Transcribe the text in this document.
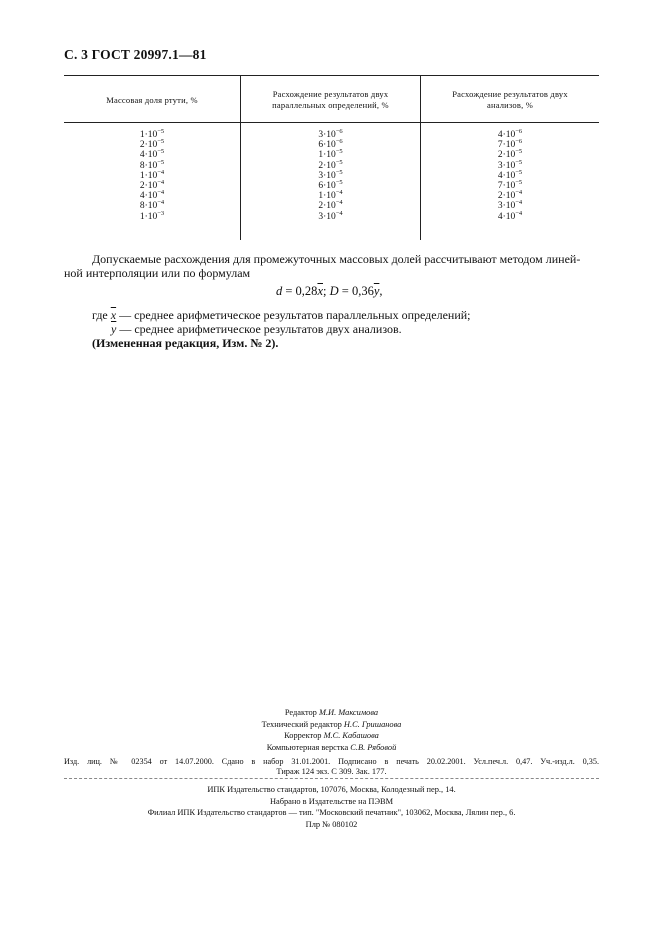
С. 3 ГОСТ 20997.1—81
Массовая доля ртути, %
Расхождение результатов двух
параллельных определений, %
Расхождение результатов двух
анализов, %
$1\cdot 10^{-5}$
$2\cdot 10^{-5}$
$4\cdot 10^{-5}$
$8\cdot 10^{-5}$
$1\cdot 10^{-4}$
$2\cdot 10^{-4}$
$4\cdot 10^{-4}$
$8\cdot 10^{-4}$
$1\cdot 10^{-3}$
$3\cdot 10^{-6}$
$6\cdot 10^{-6}$
$1\cdot 10^{-5}$
$2\cdot 10^{-5}$
$3\cdot 10^{-5}$
$6\cdot 10^{-5}$
$1\cdot 10^{-4}$
$2\cdot 10^{-4}$
$3\cdot 10^{-4}$
$4\cdot 10^{-6}$
$7\cdot 10^{-6}$
$2\cdot 10^{-5}$
$3\cdot 10^{-5}$
$4\cdot 10^{-5}$
$7\cdot 10^{-5}$
$2\cdot 10^{-4}$
$3\cdot 10^{-4}$
$4\cdot 10^{-4}$
Допускаемые расхождения для промежуточных массовых долей рассчитывают методом линей-
ной интерполяции или по формулам
$d = 0,28\overline{x}$; $D = 0,36\overline{y}$,
где $\overline{x}$ — среднее арифметическое результатов параллельных определений;
$\overline{y}$ — среднее арифметическое результатов двух анализов.
(Измененная редакция, Изм. № 2).
Редактор М.И. Максимова
Технический редактор Н.С. Гришанова
Корректор М.С. Кабашова
Компьютерная верстка С.В. Рябовой
Изд. лиц. № 02354 от 14.07.2000. Сдано в набор 31.01.2001. Подписано в печать 20.02.2001. Усл.печ.л. 0,47. Уч.-изд.л. 0,35.
Тираж 124 экз. С 309. Зак. 177.
ИПК Издательство стандартов, 107076, Москва, Колодезный пер., 14.
Набрано в Издательстве на ПЭВМ
Филиал ИПК Издательство стандартов — тип. "Московский печатник", 103062, Москва, Лялин пер., 6.
Плр № 080102
